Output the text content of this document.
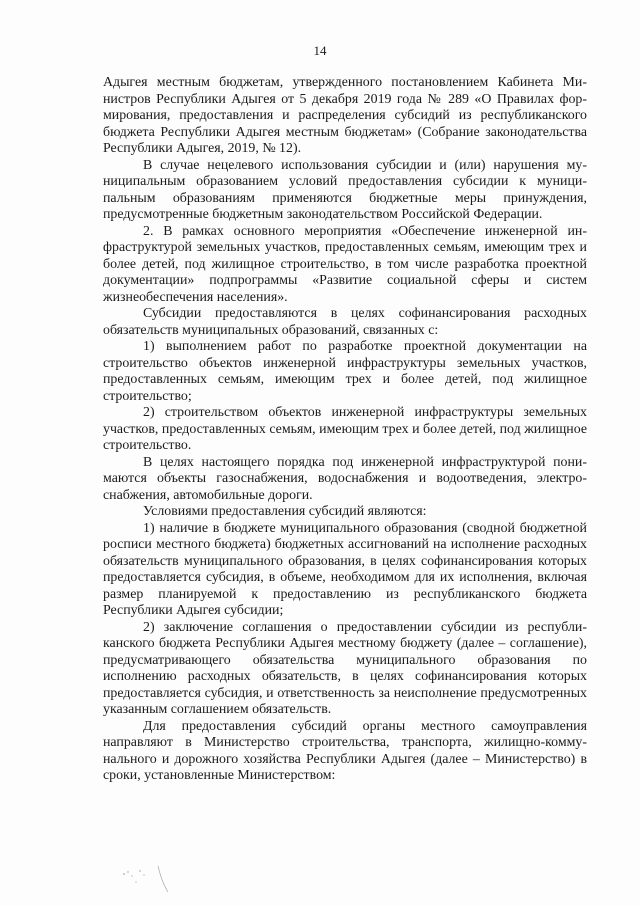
14

Адыгея местным бюджетам, утвержденного постановлением Кабинета Министров Республики Адыгея от 5 декабря 2019 года № 289 «О Правилах формирования, предоставления и распределения субсидий из республиканского бюджета Республики Адыгея местным бюджетам» (Собрание законодательства Республики Адыгея, 2019, № 12).

В случае нецелевого использования субсидии и (или) нарушения муниципальным образованием условий предоставления субсидии к муниципальным образованиям применяются бюджетные меры принуждения, предусмотренные бюджетным законодательством Российской Федерации.

2. В рамках основного мероприятия «Обеспечение инженерной инфраструктурой земельных участков, предоставленных семьям, имеющим трех и более детей, под жилищное строительство, в том числе разработка проектной документации» подпрограммы «Развитие социальной сферы и систем жизнеобеспечения населения».

Субсидии предоставляются в целях софинансирования расходных обязательств муниципальных образований, связанных с:

1) выполнением работ по разработке проектной документации на строительство объектов инженерной инфраструктуры земельных участков, предоставленных семьям, имеющим трех и более детей, под жилищное строительство;

2) строительством объектов инженерной инфраструктуры земельных участков, предоставленных семьям, имеющим трех и более детей, под жилищное строительство.

В целях настоящего порядка под инженерной инфраструктурой понимаются объекты газоснабжения, водоснабжения и водоотведения, электроснабжения, автомобильные дороги.

Условиями предоставления субсидий являются:

1) наличие в бюджете муниципального образования (сводной бюджетной росписи местного бюджета) бюджетных ассигнований на исполнение расходных обязательств муниципального образования, в целях софинансирования которых предоставляется субсидия, в объеме, необходимом для их исполнения, включая размер планируемой к предоставлению из республиканского бюджета Республики Адыгея субсидии;

2) заключение соглашения о предоставлении субсидии из республиканского бюджета Республики Адыгея местному бюджету (далее – соглашение), предусматривающего обязательства муниципального образования по исполнению расходных обязательств, в целях софинансирования которых предоставляется субсидия, и ответственность за неисполнение предусмотренных указанным соглашением обязательств.

Для предоставления субсидий органы местного самоуправления направляют в Министерство строительства, транспорта, жилищно-коммунального и дорожного хозяйства Республики Адыгея (далее – Министерство) в сроки, установленные Министерством:
